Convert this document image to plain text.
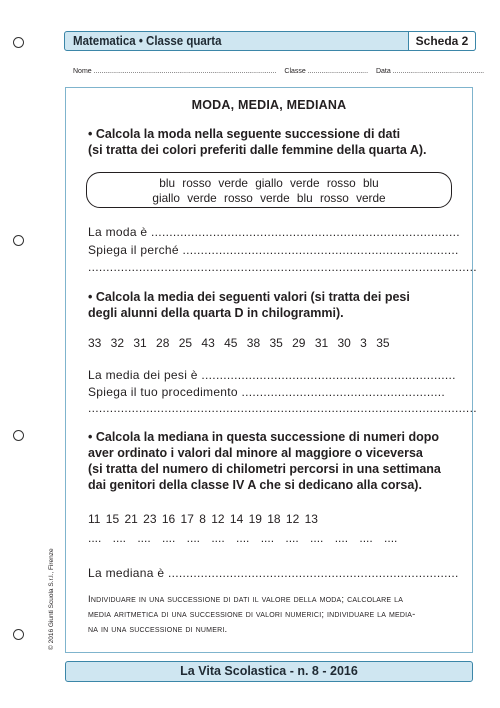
Matematica • Classe quarta	Scheda 2
Nome .............................................................................................. Classe ............................... Data ...............................................
MODA, MEDIA, MEDIANA
• Calcola la moda nella seguente successione di dati
(si tratta dei colori preferiti dalle femmine della quarta A).
blu rosso verde giallo verde rosso blu
giallo verde rosso verde blu rosso verde
La moda è .....................................................................................
Spiega il perché ............................................................................
...........................................................................................................
• Calcola la media dei seguenti valori (si tratta dei pesi
degli alunni della quarta D in chilogrammi).
33 32 31 28 25 43 45 38 35 29 31 30 3 35
La media dei pesi è ......................................................................
Spiega il tuo procedimento ........................................................
...........................................................................................................
• Calcola la mediana in questa successione di numeri dopo
aver ordinato i valori dal minore al maggiore o viceversa
(si tratta del numero di chilometri percorsi in una settimana
dai genitori della classe IV A che si dedicano alla corsa).
11 15 21 23 16 17 8 12 14 19 18 12 13
.... .... .... .... .... .... .... .... .... .... .... .... ....
La mediana è ................................................................................
Individuare in una successione di dati il valore della moda; calcolare la
media aritmetica di una successione di valori numerici; individuare la media-
na in una successione di numeri.
© 2016 Giunti Scuola S.r.l., Firenze
La Vita Scolastica - n. 8 - 2016
